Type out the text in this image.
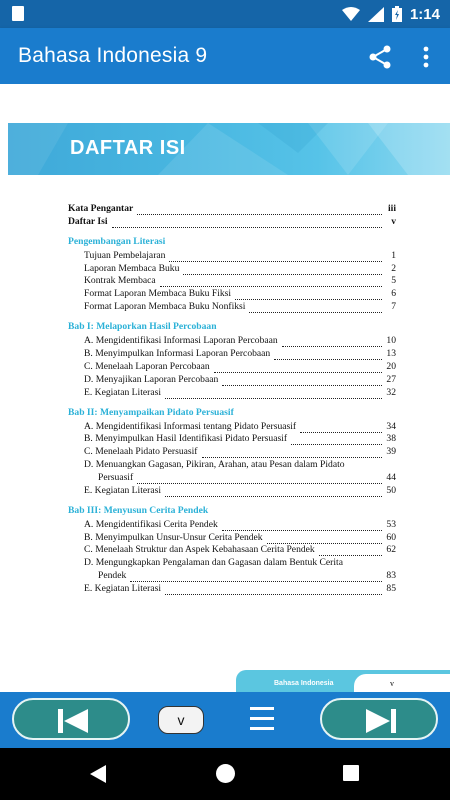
1:14
Bahasa Indonesia 9
DAFTAR ISI
Kata Pengantar	iii
Daftar Isi	v
Pengembangan Literasi
Tujuan Pembelajaran	1
Laporan Membaca Buku	2
Kontrak Membaca	5
Format Laporan Membaca Buku Fiksi	6
Format Laporan Membaca Buku Nonfiksi	7
Bab I: Melaporkan Hasil Percobaan
A. Mengidentifikasi Informasi Laporan Percobaan	10
B. Menyimpulkan Informasi Laporan Percobaan	13
C. Menelaah Laporan Percobaan	20
D. Menyajikan Laporan Percobaan	27
E. Kegiatan Literasi	32
Bab II: Menyampaikan Pidato Persuasif
A. Mengidentifikasi Informasi tentang Pidato Persuasif	34
B. Menyimpulkan Hasil Identifikasi Pidato Persuasif	38
C. Menelaah Pidato Persuasif	39
D. Menuangkan Gagasan, Pikiran, Arahan, atau Pesan dalam Pidato
Persuasif	44
E. Kegiatan Literasi	50
Bab III: Menyusun Cerita Pendek
A. Mengidentifikasi Cerita Pendek	53
B. Menyimpulkan Unsur-Unsur Cerita Pendek	60
C. Menelaah Struktur dan Aspek Kebahasaan Cerita Pendek	62
D. Mengungkapkan Pengalaman dan Gagasan dalam Bentuk Cerita
Pendek	83
E. Kegiatan Literasi	85
Bahasa Indonesia	v
v
